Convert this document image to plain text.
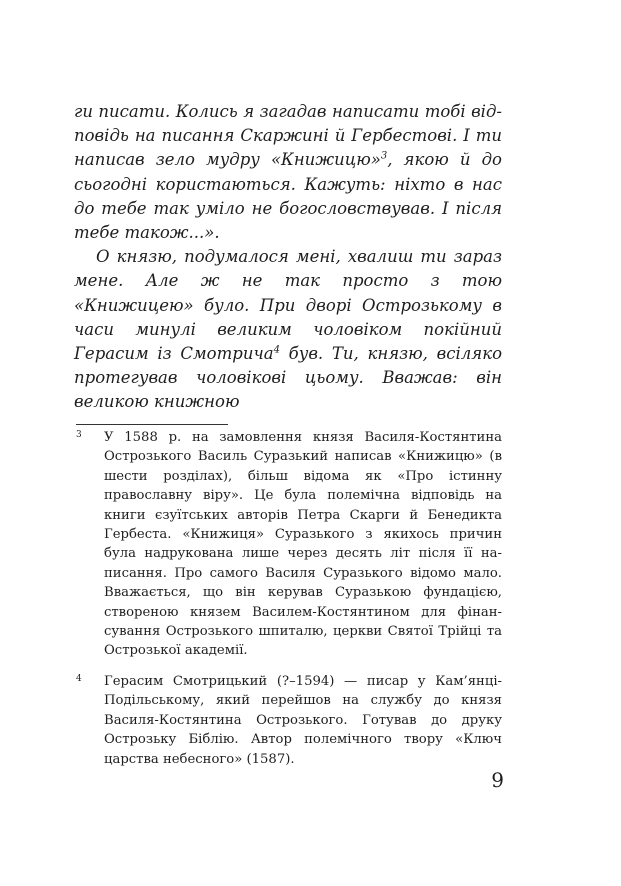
ги писати. Колись я загадав написати тобі відповідь на писання Скаржині й Гербестові. І ти написав зело мудру «Книжицю»$^3$, якою й до сьогодні користаються. Кажуть: ніхто в нас до тебе так уміло не богословствував. І після тебе також...».

О князю, подумалося мені, хвалиш ти зараз мене. Але ж не так просто з тою «Книжицею» було. При дворі Острозькому в часи минулі великим чоловіком покійний Герасим із Смотрича$^4$ був. Ти, князю, всіляко протегував чоловікові цьому. Вважав: він великою книжною

3 У 1588 р. на замовлення князя Василя-Костянтина Острозького Василь Суразький написав «Книжицю» (в шести розділах), більш відома як «Про істинну православну віру». Це була полемічна відповідь на книги єзуїтських авторів Петра Скарги й Бенедикта Гербеста. «Книжиця» Суразького з якихось причин була надрукована лише через десять літ після її написання. Про самого Василя Суразького відомо мало. Вважається, що він керував Суразькою фундацією, створеною князем Василем-Костянтином для фінансування Острозького шпиталю, церкви Святої Трійці та Острозької академії.
4 Герасим Смотрицький (?–1594) — писар у Кам’янці-Подільському, який перейшов на службу до князя Василя-Костянтина Острозького. Готував до друку Острозьку Біблію. Автор полемічного твору «Ключ царства небесного» (1587).
9
